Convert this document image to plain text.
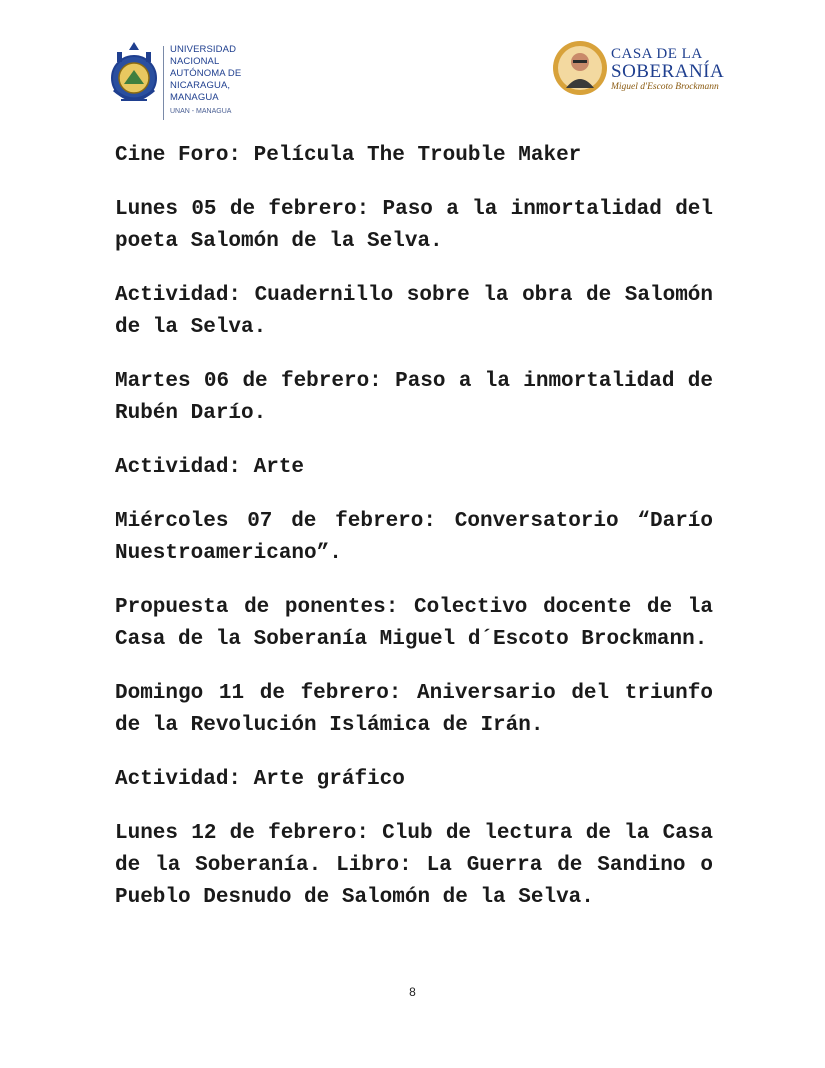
UNIVERSIDAD
NACIONAL
AUTÓNOMA DE
NICARAGUA,
MANAGUA
UNAN - MANAGUA
CASA DE LA
SOBERANÍA
Miguel d'Escoto Brockmann

Cine Foro: Película The Trouble Maker

Lunes 05 de febrero: Paso a la inmortalidad del poeta Salomón de la Selva.

Actividad: Cuadernillo sobre la obra de Salomón de la Selva.

Martes 06 de febrero: Paso a la inmortalidad de Rubén Darío.

Actividad: Arte

Miércoles 07 de febrero: Conversatorio “Darío Nuestroamericano”.

Propuesta de ponentes: Colectivo docente de la Casa de la Soberanía Miguel d´Escoto Brockmann.

Domingo 11 de febrero: Aniversario del triunfo de la Revolución Islámica de Irán.

Actividad: Arte gráfico

Lunes 12 de febrero: Club de lectura de la Casa de la Soberanía. Libro: La Guerra de Sandino o Pueblo Desnudo de Salomón de la Selva.

8
